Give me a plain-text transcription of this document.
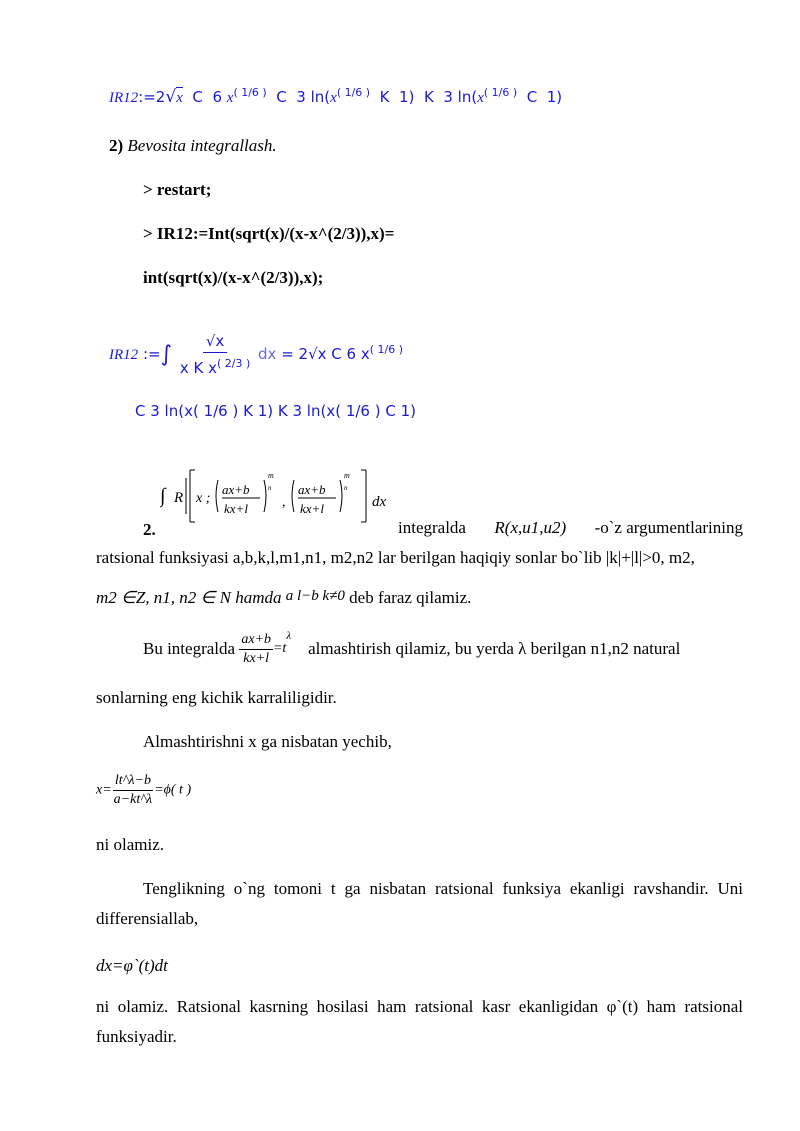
IR12:=2√x C 6 $x^{( 1/6 )}$ C 3 $\ln(x^{( 1/6 )}$ K 1) K 3 $\ln(x^{( 1/6 )}$ C 1)
2) Bevosita integrallash.
> restart;
> IR12:=Int(sqrt(x)/(x-x^(2/3)),x)=
int(sqrt(x)/(x-x^(2/3)),x);
IR12 :=∫ $\frac{√x}{x K x^{( 2/3 )}}$ dx = 2√x C 6 $x^{( 1/6 )}$
C 3 ln(x( 1/6 ) K 1) K 3 ln(x( 1/6 ) C 1)
∫ R x ;
ax+b
kx+l
m
n
,
ax+b
kx+l
m
n
dx
2.	integralda R(x,u1,u2) -o`z argumentlarining
ratsional funksiyasi a,b,k,l,m1,n1, m2,n2 lar berilgan haqiqiy sonlar bo`lib |k|+|l|>0, m2,
m2 ∈Z, n1, n2 ∈ N hamda a l−b k≠0 deb faraz qilamiz.
Bu integralda $\frac{ax+b}{kx+l} =t^\lambda$    almashtirish qilamiz, bu yerda λ berilgan n1,n2 natural
sonlarning eng kichik karraliligidir.
Almashtirishni x ga nisbatan yechib,
$x= \frac{lt\^{}\lambda-b}{a-kt\^{}\lambda} =\phi$( t )
ni olamiz.
Tenglikning o`ng tomoni t ga nisbatan ratsional funksiya ekanligi ravshandir. Uni differensiallab,
dx=φ`(t)dt
ni olamiz. Ratsional kasrning hosilasi ham ratsional kasr ekanligidan φ`(t) ham ratsional funksiyadir.
